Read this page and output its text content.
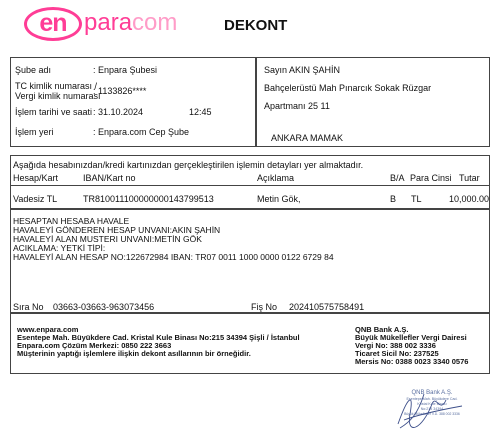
en paracom	DEKONT
Şube adı	: Enpara Şubesi
TC kimlik numarası /
Vergi kimlik numarası
: 1133826****
İşlem tarihi ve saati : 31.10.2024	12:45
İşlem yeri	: Enpara.com Cep Şube
Sayın AKIN ŞAHİN
Bahçelerüstü Mah Pınarcık Sokak Rüzgar
Apartmanı 25 11
ANKARA MAMAK
Aşağıda hesabınızdan/kredi kartınızdan gerçekleştirilen işlemin detayları yer almaktadır.
Hesap/Kart	IBAN/Kart no	Açıklama	B/A Para Cinsi Tutar
Vadesiz TL	TR810011100000000143799513	Metin Gök,	B TL	10,000.00
HESAPTAN HESABA HAVALE
HAVALEYİ GÖNDEREN HESAP UNVANI:AKIN ŞAHİN
HAVALEYİ ALAN MUSTERI UNVANI:METİN GÖK
ACIKLAMA: YETKİ TİPİ:
HAVALEYİ ALAN HESAP NO:122672984 IBAN: TR07 0011 1000 0000 0122 6729 84
Sıra No 03663-03663-963073456	Fiş No 202410575758491
www.enpara.com
Esentepe Mah. Büyükdere Cad. Kristal Kule Binası No:215 34394 Şişli / İstanbul
Enpara.com Çözüm Merkezi: 0850 222 3663
Müşterinin yaptığı işlemlere ilişkin dekont asıllarının bir örneğidir.
QNB Bank A.Ş.
Büyük Mükellefler Vergi Dairesi
Vergi No: 388 002 3336
Ticaret Sicil No: 237525
Mersis No: 0388 0023 3340 0576
QNB Bank A.Ş.
Esentepe Mah. Büyükdere Cad.
Kristal Kule Binası
No:215 34394
Büyük Mükellefler V.D. 388 002 3336
